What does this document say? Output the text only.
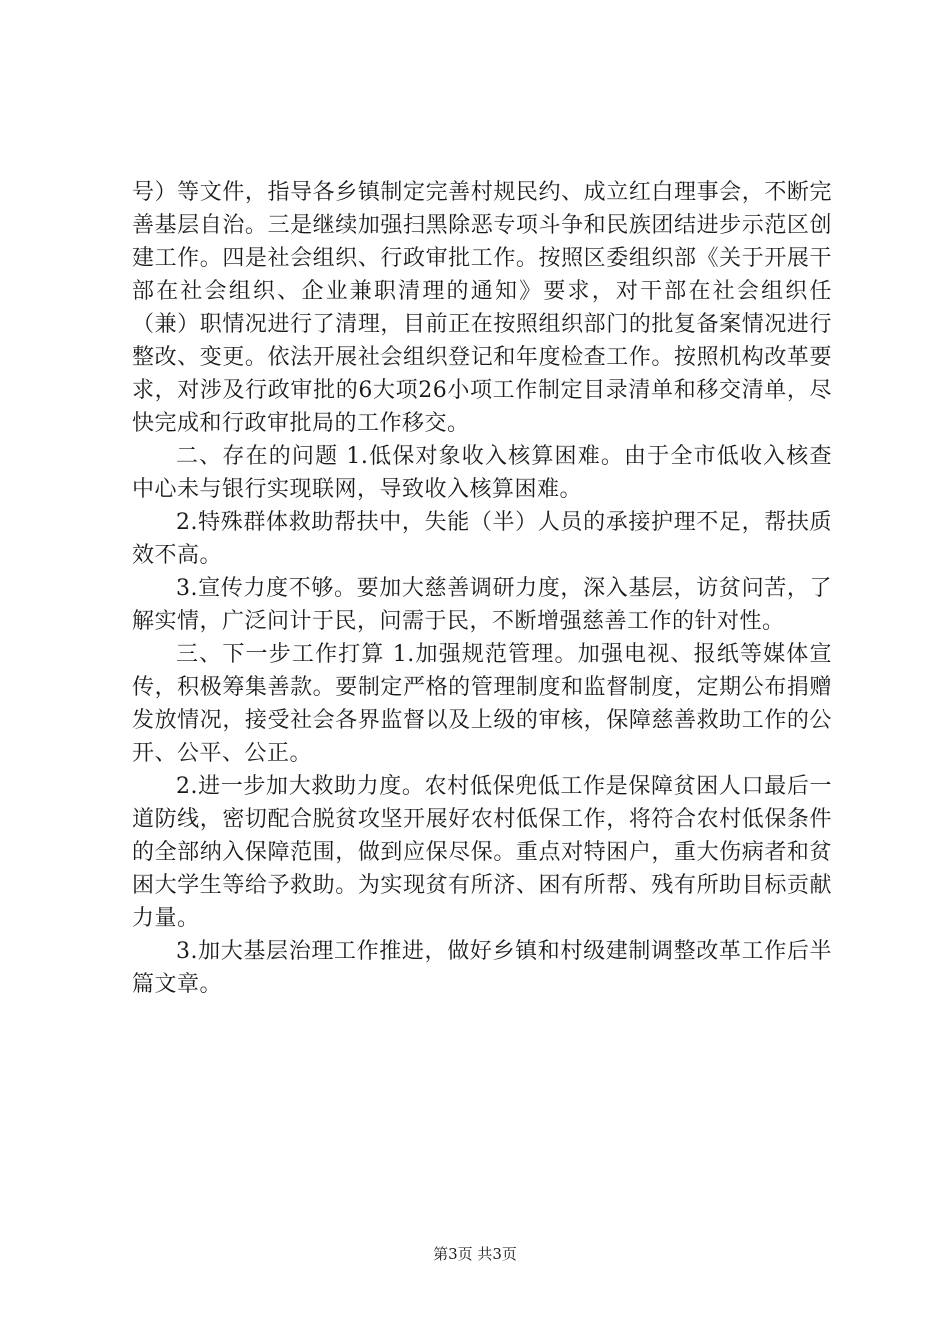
号）等文件，指导各乡镇制定完善村规民约、成立红白理事会，不断完善基层自治。三是继续加强扫黑除恶专项斗争和民族团结进步示范区创建工作。四是社会组织、行政审批工作。按照区委组织部《关于开展干部在社会组织、企业兼职清理的通知》要求，对干部在社会组织任（兼）职情况进行了清理，目前正在按照组织部门的批复备案情况进行整改、变更。依法开展社会组织登记和年度检查工作。按照机构改革要求，对涉及行政审批的6大项26小项工作制定目录清单和移交清单，尽快完成和行政审批局的工作移交。

二、存在的问题 1.低保对象收入核算困难。由于全市低收入核查中心未与银行实现联网，导致收入核算困难。

2.特殊群体救助帮扶中，失能（半）人员的承接护理不足，帮扶质效不高。

3.宣传力度不够。要加大慈善调研力度，深入基层，访贫问苦，了解实情，广泛问计于民，问需于民，不断增强慈善工作的针对性。

三、下一步工作打算 1.加强规范管理。加强电视、报纸等媒体宣传，积极筹集善款。要制定严格的管理制度和监督制度，定期公布捐赠发放情况，接受社会各界监督以及上级的审核，保障慈善救助工作的公开、公平、公正。

2.进一步加大救助力度。农村低保兜低工作是保障贫困人口最后一道防线，密切配合脱贫攻坚开展好农村低保工作，将符合农村低保条件的全部纳入保障范围，做到应保尽保。重点对特困户，重大伤病者和贫困大学生等给予救助。为实现贫有所济、困有所帮、残有所助目标贡献力量。

3.加大基层治理工作推进，做好乡镇和村级建制调整改革工作后半篇文章。

第3页 共3页
